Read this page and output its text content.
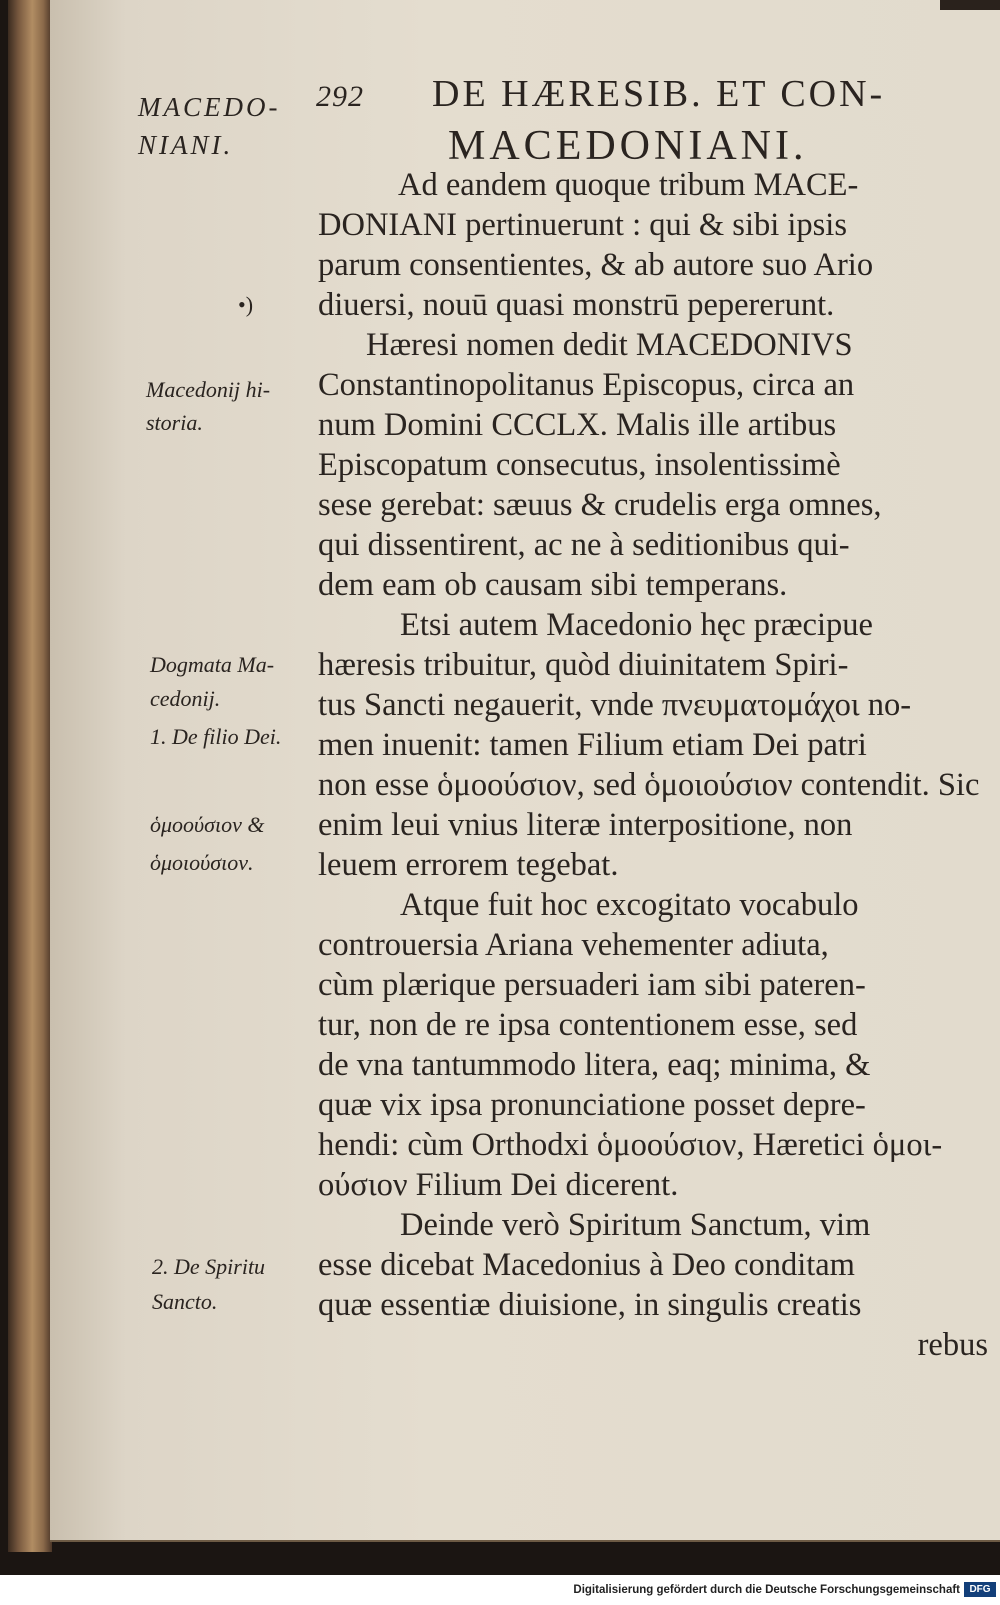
MACEDO-
NIANI.
292 DE HÆRESIB. ET CON-
MACEDONIANI.
•)
Macedonij hi-
storia.
Dogmata Ma-
cedonij.
1. De filio Dei.
ὁμοούσιον &
ὁμοιούσιον.
2. De Spiritu
Sancto.
Ad eandem quoque tribum MACE-
DONIANI pertinuerunt : qui & sibi ipsis
parum consentientes, & ab autore suo Ario
diuersi, nouū quasi monstrū pepererunt.
Hæresi nomen dedit MACEDONIVS
Constantinopolitanus Episcopus, circa an
num Domini CCCLX. Malis ille artibus
Episcopatum consecutus, insolentissimè
sese gerebat: sæuus & crudelis erga omnes,
qui dissentirent, ac ne à seditionibus qui-
dem eam ob causam sibi temperans.
Etsi autem Macedonio hęc præcipue
hæresis tribuitur, quòd diuinitatem Spiri-
tus Sancti negauerit, vnde πνευματομάχοι no-
men inuenit: tamen Filium etiam Dei patri
non esse ὁμοούσιον, sed ὁμοιούσιον contendit. Sic
enim leui vnius literæ interpositione, non
leuem errorem tegebat.
Atque fuit hoc excogitato vocabulo
controuersia Ariana vehementer adiuta,
cùm plærique persuaderi iam sibi pateren-
tur, non de re ipsa contentionem esse, sed
de vna tantummodo litera, eaq; minima, &
quæ vix ipsa pronunciatione posset depre-
hendi: cùm Orthodxi ὁμοούσιον, Hæretici ὁμοι-
ούσιον Filium Dei dicerent.
Deinde verò Spiritum Sanctum, vim
esse dicebat Macedonius à Deo conditam
quæ essentiæ diuisione, in singulis creatis
rebus
Digitalisierung gefördert durch die Deutsche Forschungsgemeinschaft DFG
